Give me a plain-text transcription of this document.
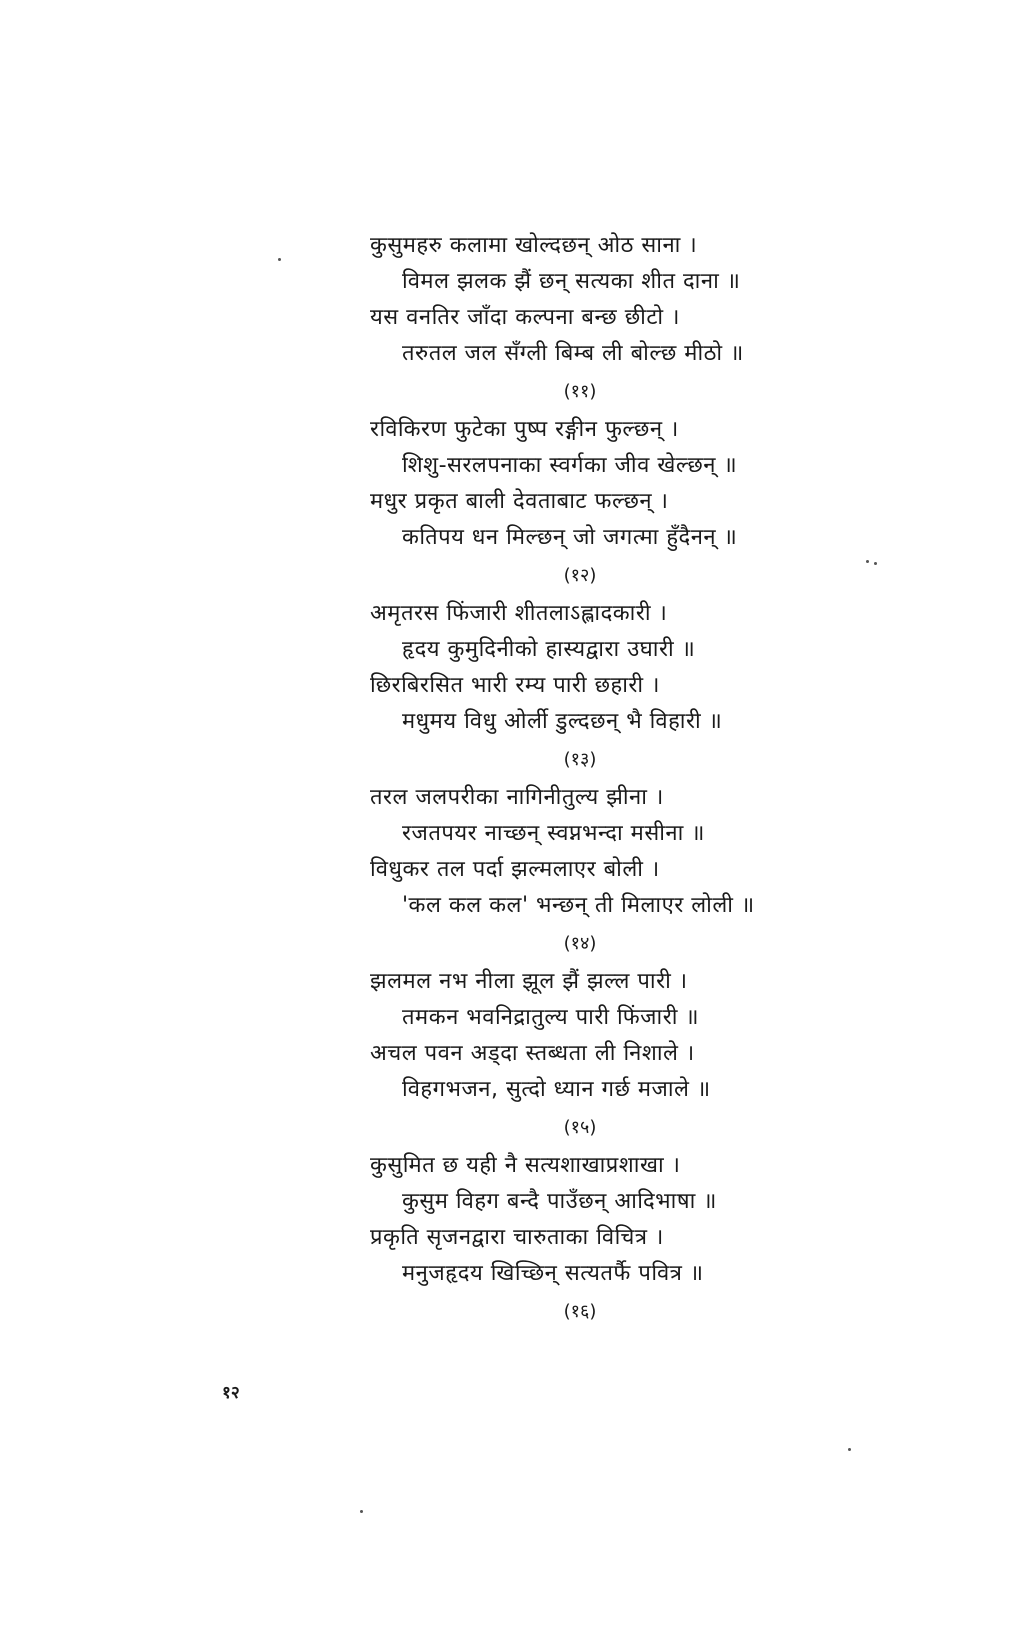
कुसुमहरु कलामा खोल्दछन् ओठ साना ।
विमल झलक झैं छन् सत्यका शीत दाना ॥
यस वनतिर जाँदा कल्पना बन्छ छीटो ।
तरुतल जल सँग्ली बिम्ब ली बोल्छ मीठो ॥
(११)
रविकिरण फुटेका पुष्प रङ्गीन फुल्छन् ।
शिशु-सरलपनाका स्वर्गका जीव खेल्छन् ॥
मधुर प्रकृत बाली देवताबाट फल्छन् ।
कतिपय धन मिल्छन् जो जगत्मा हुँदैनन् ॥
(१२)
अमृतरस फिंजारी शीतलाऽह्लादकारी ।
हृदय कुमुदिनीको हास्यद्वारा उघारी ॥
छिरबिरसित भारी रम्य पारी छहारी ।
मधुमय विधु ओर्ली डुल्दछन् भै विहारी ॥
(१३)
तरल जलपरीका नागिनीतुल्य झीना ।
रजतपयर नाच्छन् स्वप्नभन्दा मसीना ॥
विधुकर तल पर्दा झल्मलाएर बोली ।
'कल कल कल' भन्छन् ती मिलाएर लोली ॥
(१४)
झलमल नभ नीला झूल झैं झल्ल पारी ।
तमकन भवनिद्रातुल्य पारी फिंजारी ॥
अचल पवन अड्दा स्तब्धता ली निशाले ।
विहगभजन, सुत्दो ध्यान गर्छ मजाले ॥
(१५)
कुसुमित छ यही नै सत्यशाखाप्रशाखा ।
कुसुम विहग बन्दै पाउँछन् आदिभाषा ॥
प्रकृति सृजनद्वारा चारुताका विचित्र ।
मनुजहृदय खिच्छिन् सत्यतर्फै पवित्र ॥
(१६)
१२
